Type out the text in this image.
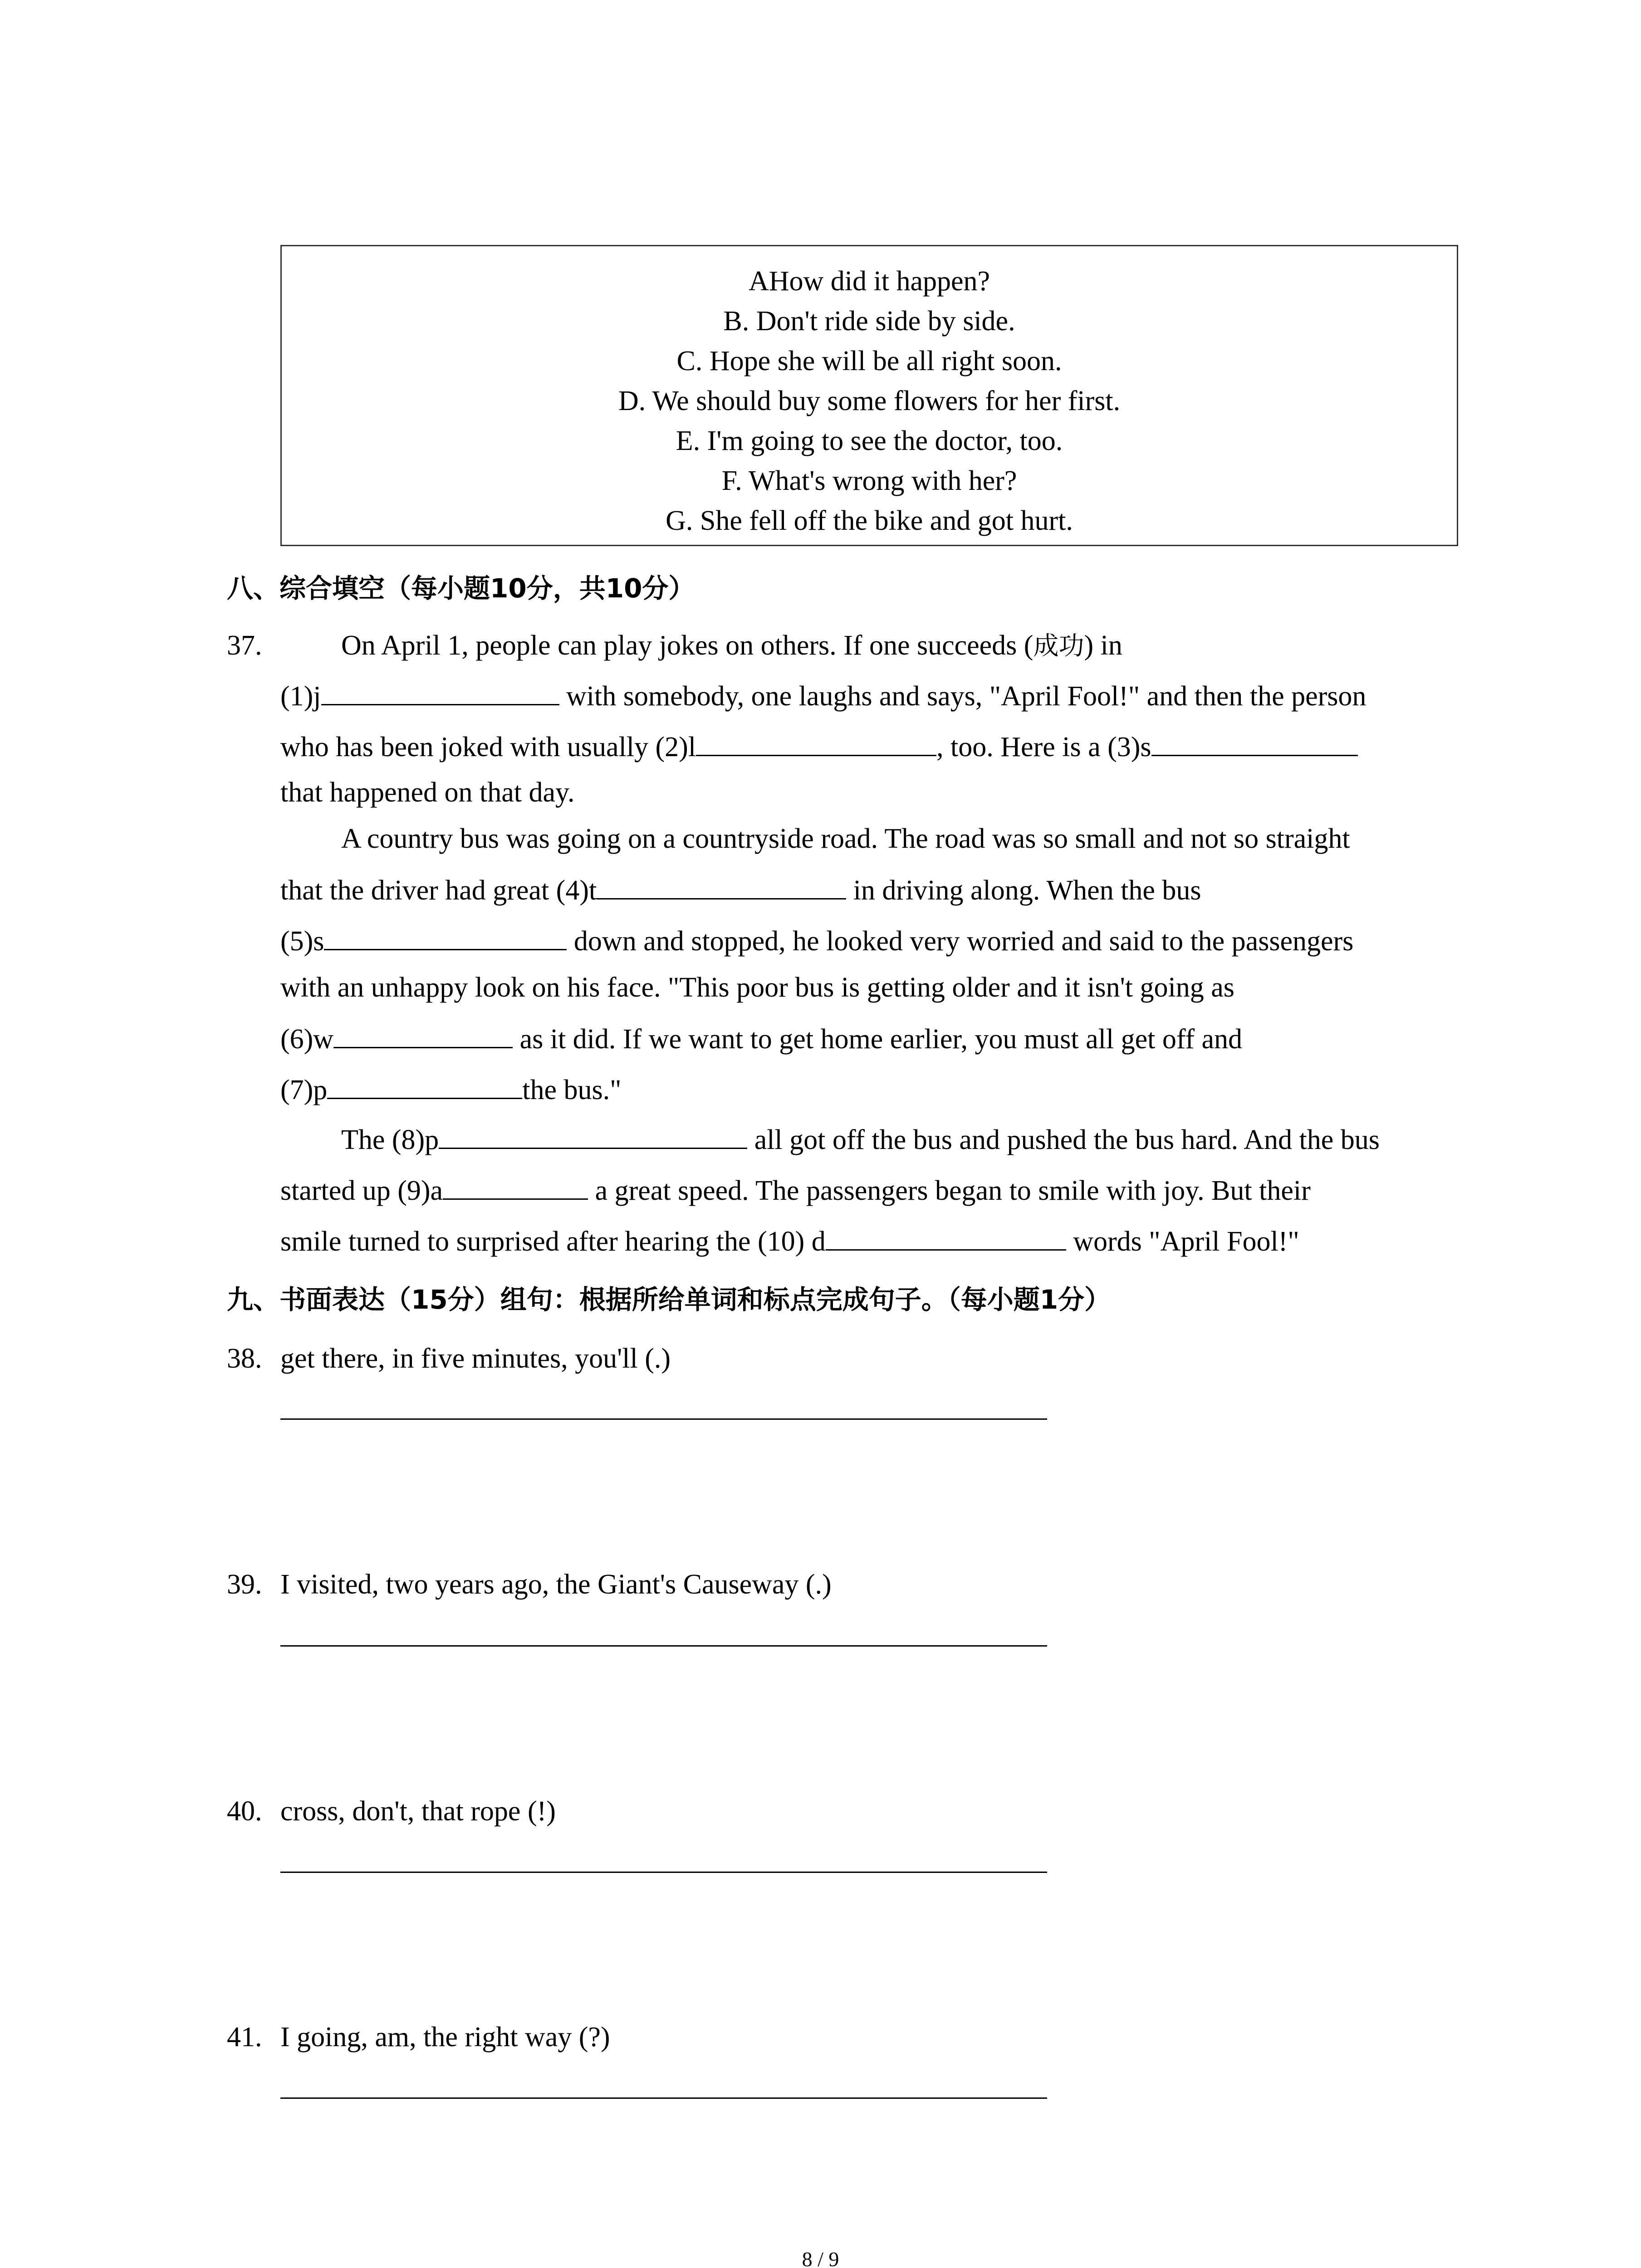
AHow did it happen?
B. Don't ride side by side.
C. Hope she will be all right soon.
D. We should buy some flowers for her first.
E. I'm going to see the doctor, too.
F. What's wrong with her?
G. She fell off the bike and got hurt.
八、综合填空（每小题10分，共10分）
37.	On April 1, people can play jokes on others. If one succeeds (成功) in
(1)j	with somebody, one laughs and says, "April Fool!" and then the person
who has been joked with usually (2)l	, too. Here is a (3)s
that happened on that day.
A country bus was going on a countryside road. The road was so small and not so straight
that the driver had great (4)t	in driving along. When the bus
(5)s	down and stopped, he looked very worried and said to the passengers
with an unhappy look on his face. "This poor bus is getting older and it isn't going as
(6)w	as it did. If we want to get home earlier, you must all get off and
(7)p	the bus."
The (8)p	all got off the bus and pushed the bus hard. And the bus
started up (9)a	a great speed. The passengers began to smile with joy. But their
smile turned to surprised after hearing the (10) d	words "April Fool!"
九、书面表达（15分）组句：根据所给单词和标点完成句子。（每小题1分）
38. get there, in five minutes, you'll (.)
39. I visited, two years ago, the Giant's Causeway (.)
40. cross, don't, that rope (!)
41. I going, am, the right way (?)
8 / 9
